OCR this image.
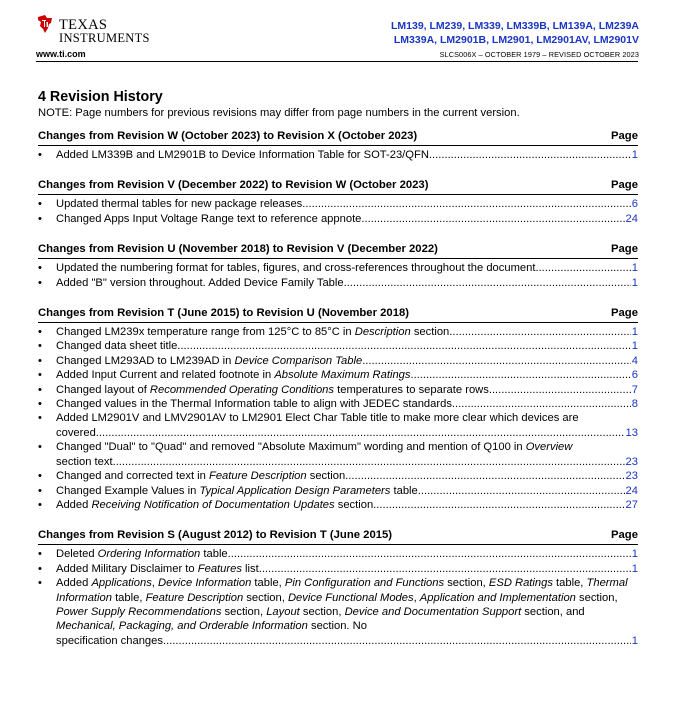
TEXAS
INSTRUMENTS
www.ti.com
LM139, LM239, LM339, LM339B, LM139A, LM239A
LM339A, LM2901B, LM2901, LM2901AV, LM2901V
SLCS006X – OCTOBER 1979 – REVISED OCTOBER 2023
4 Revision History

NOTE: Page numbers for previous revisions may differ from page numbers in the current version.

Changes from Revision W (October 2023) to Revision X (October 2023)	Page
• Added LM339B and LM2901B to Device Information Table for SOT-23/QFN. .....	1
Changes from Revision V (December 2022) to Revision W (October 2023)	Page
• Updated thermal tables for new package releases. .....	6
• Changed Apps Input Voltage Range text to reference appnote. .....	24
Changes from Revision U (November 2018) to Revision V (December 2022)	Page
• Updated the numbering format for tables, figures, and cross-references throughout the document. .....	1
• Added "B" version throughout. Added Device Family Table. .....	1
Changes from Revision T (June 2015) to Revision U (November 2018)	Page
• Changed LM239x temperature range from 125°C to 85°C in Description section. .....	1
• Changed data sheet title .....	1
• Changed LM293AD to LM239AD in Device Comparison Table .....	4
• Added Input Current and related footnote in Absolute Maximum Ratings .....	6
• Changed layout of Recommended Operating Conditions temperatures to separate rows. .....	7
• Changed values in the Thermal Information table to align with JEDEC standards. .....	8
• Added LM2901V and LMV2901AV to LM2901 Elect Char Table title to make more clear which devices are
covered. .....	13
• Changed "Dual" to "Quad" and removed "Absolute Maximum" wording and mention of Q100 in Overview
section text. .....	23
• Changed and corrected text in Feature Description section. .....	23
• Changed Example Values in Typical Application Design Parameters table .....	24
• Added Receiving Notification of Documentation Updates section. .....	27
Changes from Revision S (August 2012) to Revision T (June 2015)	Page
• Deleted Ordering Information table. .....	1
• Added Military Disclaimer to Features list. .....	1
• Added Applications, Device Information table, Pin Configuration and Functions section, ESD Ratings table, Thermal Information table, Feature Description section, Device Functional Modes, Application and Implementation section, Power Supply Recommendations section, Layout section, Device and Documentation Support section, and Mechanical, Packaging, and Orderable Information section. No
specification changes. .....	1
